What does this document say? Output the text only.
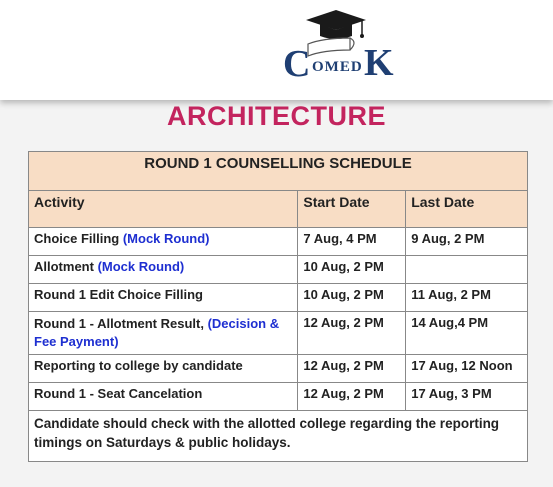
C OMED K
ARCHITECTURE
ROUND 1 COUNSELLING SCHEDULE		
Activity	Start Date	Last Date
Choice Filling (Mock Round)	7 Aug, 4 PM	9 Aug, 2 PM
Allotment (Mock Round)	10 Aug, 2 PM	
Round 1 Edit Choice Filling	10 Aug, 2 PM	11 Aug, 2 PM
Round 1 - Allotment Result, (Decision & Fee Payment)	12 Aug, 2 PM	14 Aug,4 PM
Reporting to college by candidate	12 Aug, 2 PM	17 Aug, 12 Noon
Round 1 - Seat Cancelation	12 Aug, 2 PM	17 Aug, 3 PM
Candidate should check with the allotted college regarding the reporting timings on Saturdays & public holidays.		
